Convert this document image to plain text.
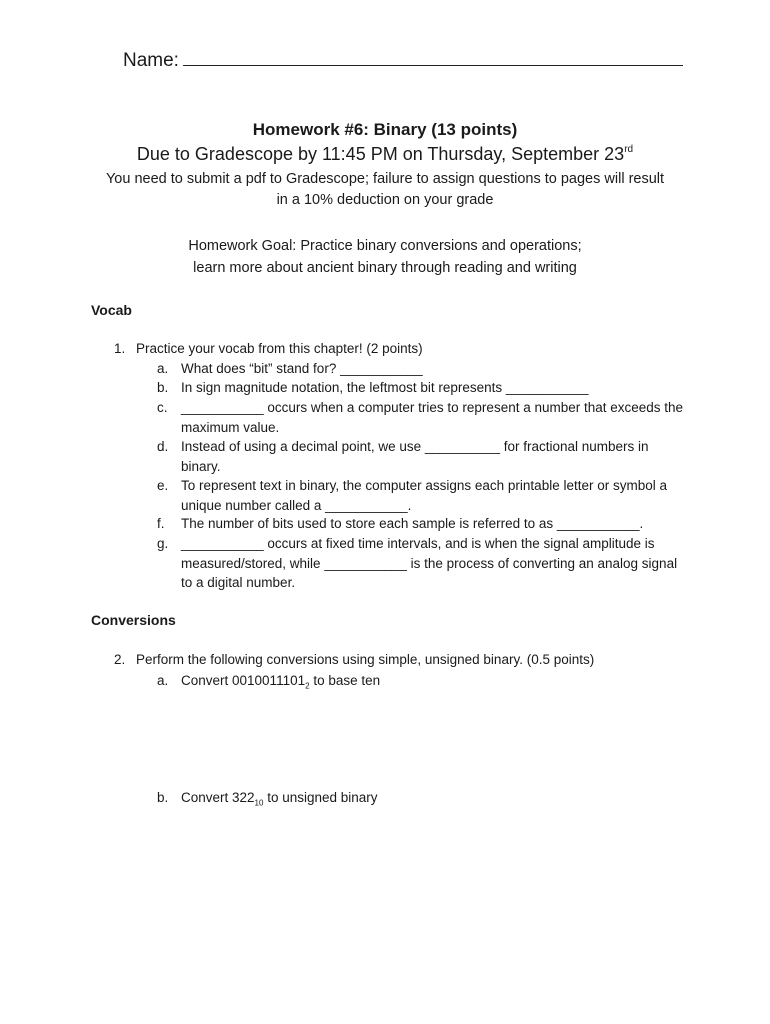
Name:
Homework #6: Binary (13 points)
Due to Gradescope by 11:45 PM on Thursday, September 23rd
You need to submit a pdf to Gradescope; failure to assign questions to pages will result
in a 10% deduction on your grade
Homework Goal: Practice binary conversions and operations;
learn more about ancient binary through reading and writing
Vocab
1. Practice your vocab from this chapter! (2 points)
a. What does “bit” stand for? ___________
b. In sign magnitude notation, the leftmost bit represents ___________
c. ___________ occurs when a computer tries to represent a number that exceeds the maximum value.
d. Instead of using a decimal point, we use __________ for fractional numbers in binary.
e. To represent text in binary, the computer assigns each printable letter or symbol a unique number called a ___________.
f.	The number of bits used to store each sample is referred to as ___________.
g. ___________ occurs at fixed time intervals, and is when the signal amplitude is measured/stored, while ___________ is the process of converting an analog signal to a digital number.
Conversions
2. Perform the following conversions using simple, unsigned binary. (0.5 points)
a. Convert $0010011101_2$ to base ten
b. Convert $322_{10}$ to unsigned binary
